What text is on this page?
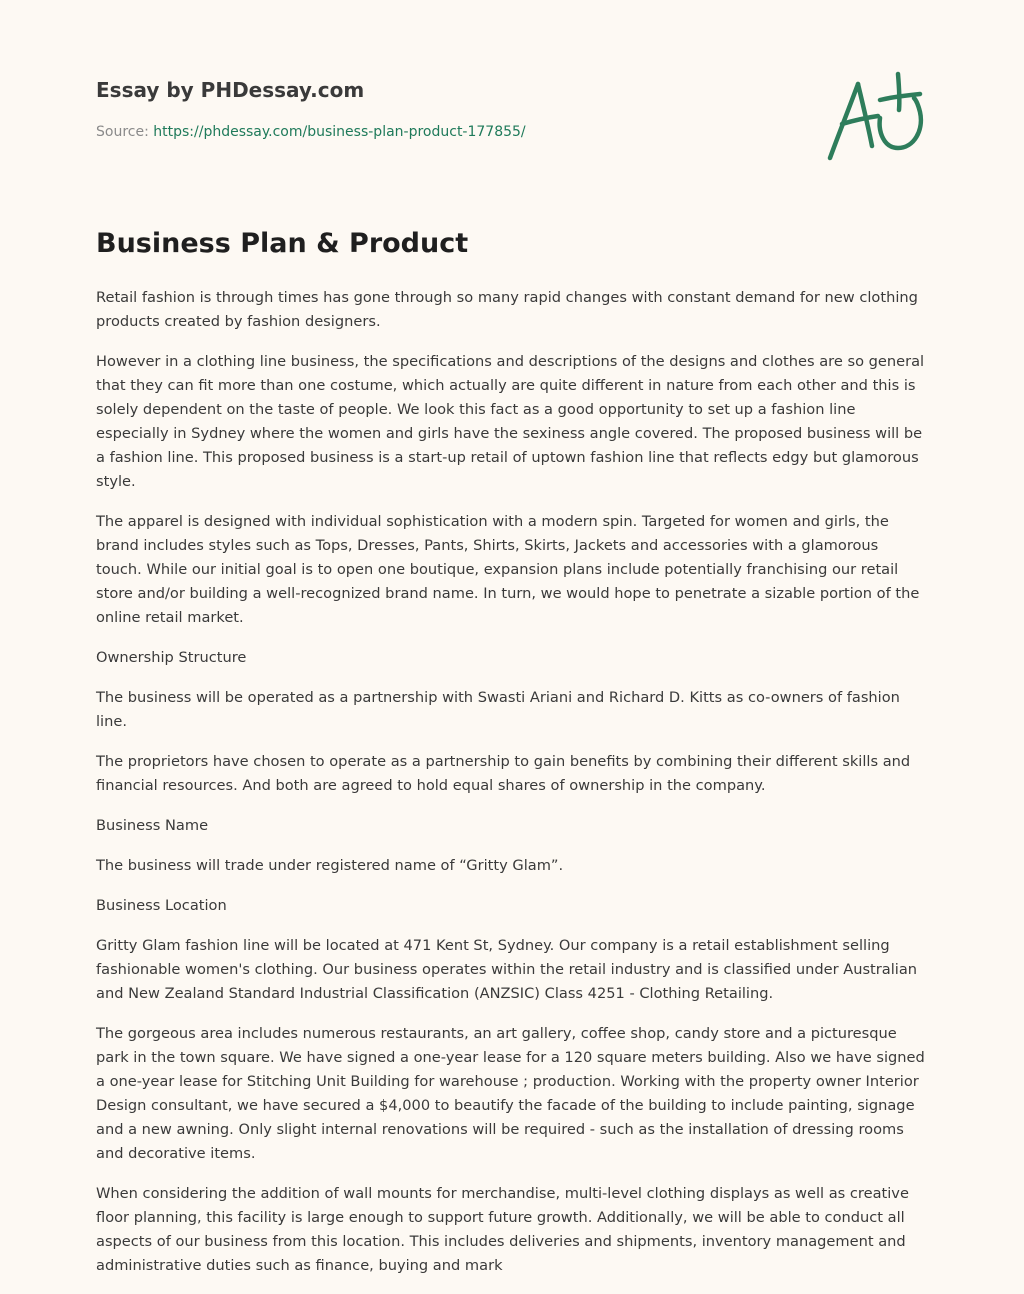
Essay by PHDessay.com
Source: https://phdessay.com/business-plan-product-177855/
Business Plan & Product

Retail fashion is through times has gone through so many rapid changes with constant demand for new clothing products created by fashion designers.

However in a clothing line business, the specifications and descriptions of the designs and clothes are so general that they can fit more than one costume, which actually are quite different in nature from each other and this is solely dependent on the taste of people. We look this fact as a good opportunity to set up a fashion line especially in Sydney where the women and girls have the sexiness angle covered. The proposed business will be a fashion line. This proposed business is a start-up retail of uptown fashion line that reflects edgy but glamorous style.

The apparel is designed with individual sophistication with a modern spin. Targeted for women and girls, the brand includes styles such as Tops, Dresses, Pants, Shirts, Skirts, Jackets and accessories with a glamorous touch. While our initial goal is to open one boutique, expansion plans include potentially franchising our retail store and/or building a well-recognized brand name. In turn, we would hope to penetrate a sizable portion of the online retail market.

Ownership Structure

The business will be operated as a partnership with Swasti Ariani and Richard D. Kitts as co-owners of fashion line.

The proprietors have chosen to operate as a partnership to gain benefits by combining their different skills and financial resources. And both are agreed to hold equal shares of ownership in the company.

Business Name

The business will trade under registered name of “Gritty Glam”.

Business Location

Gritty Glam fashion line will be located at 471 Kent St, Sydney. Our company is a retail establishment selling fashionable women's clothing. Our business operates within the retail industry and is classified under Australian and New Zealand Standard Industrial Classification (ANZSIC) Class 4251 - Clothing Retailing.

The gorgeous area includes numerous restaurants, an art gallery, coffee shop, candy store and a picturesque park in the town square. We have signed a one-year lease for a 120 square meters building. Also we have signed a one-year lease for Stitching Unit Building for warehouse ; production. Working with the property owner Interior Design consultant, we have secured a $4,000 to beautify the facade of the building to include painting, signage and a new awning. Only slight internal renovations will be required - such as the installation of dressing rooms and decorative items.

When considering the addition of wall mounts for merchandise, multi-level clothing displays as well as creative floor planning, this facility is large enough to support future growth. Additionally, we will be able to conduct all aspects of our business from this location. This includes deliveries and shipments, inventory management and administrative duties such as finance, buying and mark
